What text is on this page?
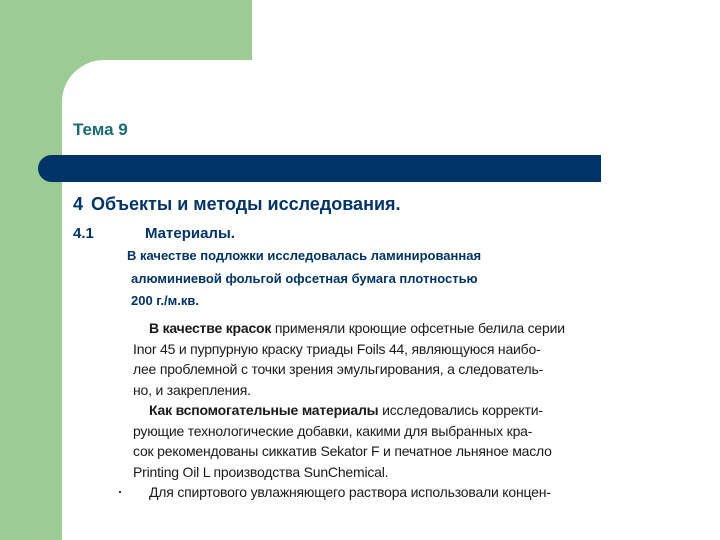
Тема 9
4 Объекты и методы исследования.
4.1	Материалы.
В качестве подложки исследовалась ламинированная
алюминиевой фольгой офсетная бумага плотностью
200 г./м.кв.
В качестве красок применяли кроющие офсетные белила серии
Inor 45 и пурпурную краску триады Foils 44, являющуюся наибо-
лее проблемной с точки зрения эмульгирования, а следователь-
но, и закрепления.
Как вспомогательные материалы исследовались корректи-
рующие технологические добавки, какими для выбранных кра-
сок рекомендованы сиккатив Sekator F и печатное льняное масло
Printing Oil L производства SunChemical.
Для спиртового увлажняющего раствора использовали концен-
